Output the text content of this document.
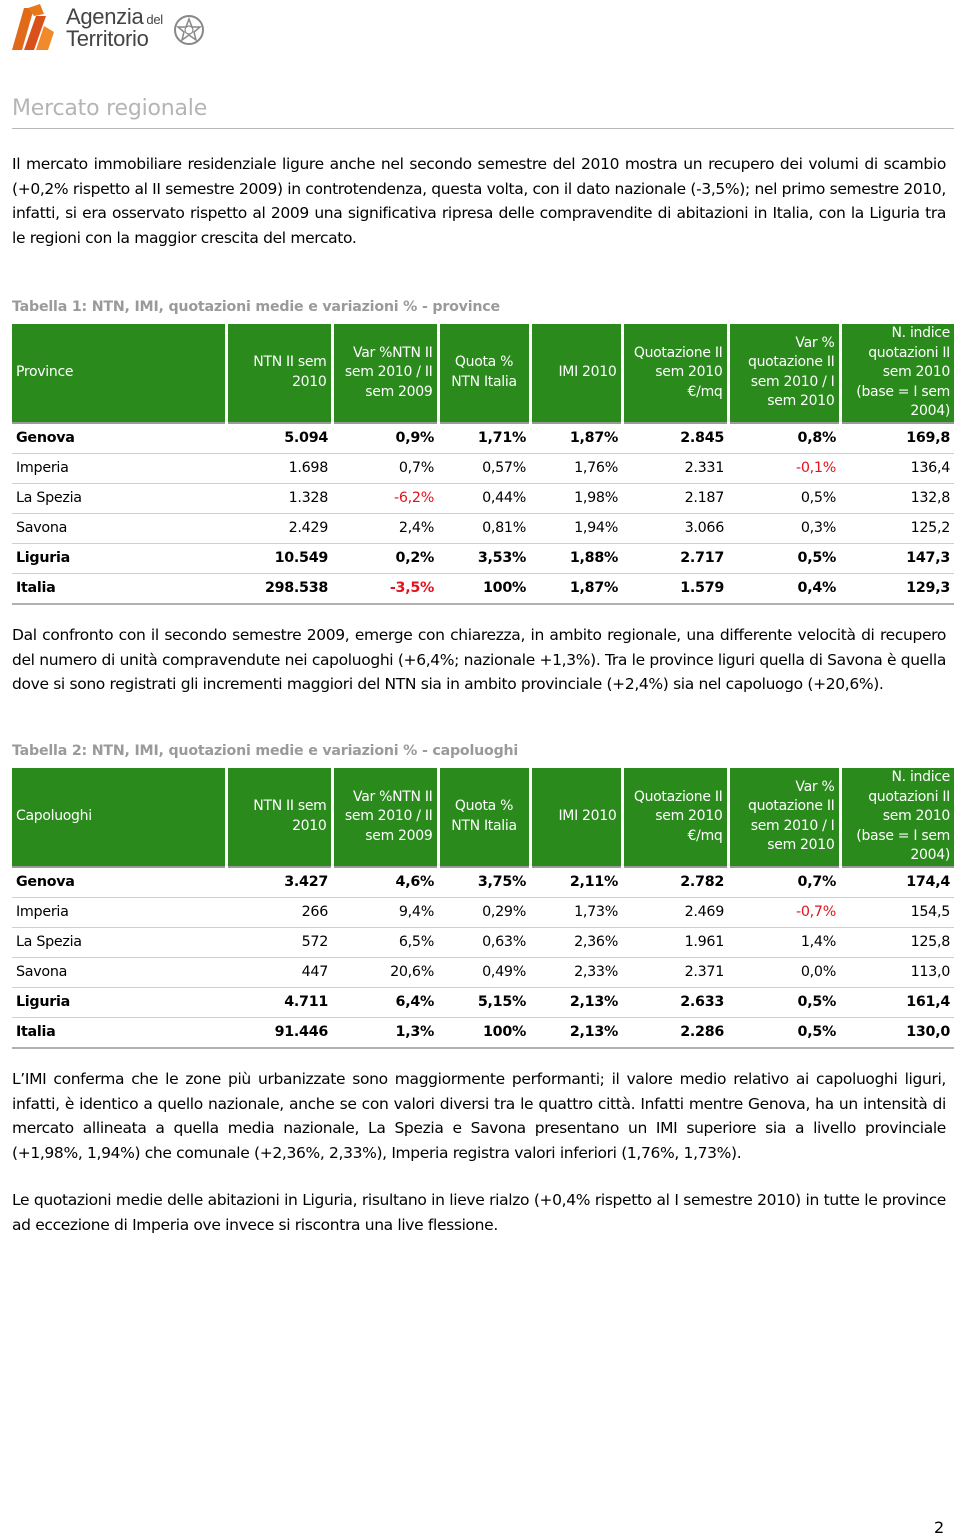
Agenzia del
Territorio
Mercato regionale

Il mercato immobiliare residenziale ligure anche nel secondo semestre del 2010 mostra un recupero dei volumi di scambio (+0,2% rispetto al II semestre 2009) in controtendenza, questa volta, con il dato nazionale (-3,5%); nel primo semestre 2010, infatti, si era osservato rispetto al 2009 una significativa ripresa delle compravendite di abitazioni in Italia, con la Liguria tra le regioni con la maggior crescita del mercato.

Tabella 1: NTN, IMI, quotazioni medie e variazioni % - province
Province	NTN II sem 2010	Var %NTN II sem 2010 / II sem 2009	Quota % NTN Italia	IMI 2010	Quotazione II sem 2010 €/mq	Var % quotazione II sem 2010 / I sem 2010	N. indice quotazioni II sem 2010 (base = I sem 2004)
Genova	5.094	0,9%	1,71%	1,87%	2.845	0,8%	169,8
Imperia	1.698	0,7%	0,57%	1,76%	2.331	-0,1%	136,4
La Spezia	1.328	-6,2%	0,44%	1,98%	2.187	0,5%	132,8
Savona	2.429	2,4%	0,81%	1,94%	3.066	0,3%	125,2
Liguria	10.549	0,2%	3,53%	1,88%	2.717	0,5%	147,3
Italia	298.538	-3,5%	100%	1,87%	1.579	0,4%	129,3

Dal confronto con il secondo semestre 2009, emerge con chiarezza, in ambito regionale, una differente velocità di recupero del numero di unità compravendute nei capoluoghi (+6,4%; nazionale +1,3%). Tra le province liguri quella di Savona è quella dove si sono registrati gli incrementi maggiori del NTN sia in ambito provinciale (+2,4%) sia nel capoluogo (+20,6%).

Tabella 2: NTN, IMI, quotazioni medie e variazioni % - capoluoghi
Capoluoghi	NTN II sem 2010	Var %NTN II sem 2010 / II sem 2009	Quota % NTN Italia	IMI 2010	Quotazione II sem 2010 €/mq	Var % quotazione II sem 2010 / I sem 2010	N. indice quotazioni II sem 2010 (base = I sem 2004)
Genova	3.427	4,6%	3,75%	2,11%	2.782	0,7%	174,4
Imperia	266	9,4%	0,29%	1,73%	2.469	-0,7%	154,5
La Spezia	572	6,5%	0,63%	2,36%	1.961	1,4%	125,8
Savona	447	20,6%	0,49%	2,33%	2.371	0,0%	113,0
Liguria	4.711	6,4%	5,15%	2,13%	2.633	0,5%	161,4
Italia	91.446	1,3%	100%	2,13%	2.286	0,5%	130,0

L’IMI conferma che le zone più urbanizzate sono maggiormente performanti; il valore medio relativo ai capoluoghi liguri, infatti, è identico a quello nazionale, anche se con valori diversi tra le quattro città. Infatti mentre Genova, ha un intensità di mercato allineata a quella media nazionale, La Spezia e Savona presentano un IMI superiore sia a livello provinciale (+1,98%, 1,94%) che comunale (+2,36%, 2,33%), Imperia registra valori inferiori (1,76%, 1,73%).

Le quotazioni medie delle abitazioni in Liguria, risultano in lieve rialzo (+0,4% rispetto al I semestre 2010) in tutte le province ad eccezione di Imperia ove invece si riscontra una live flessione.

2
